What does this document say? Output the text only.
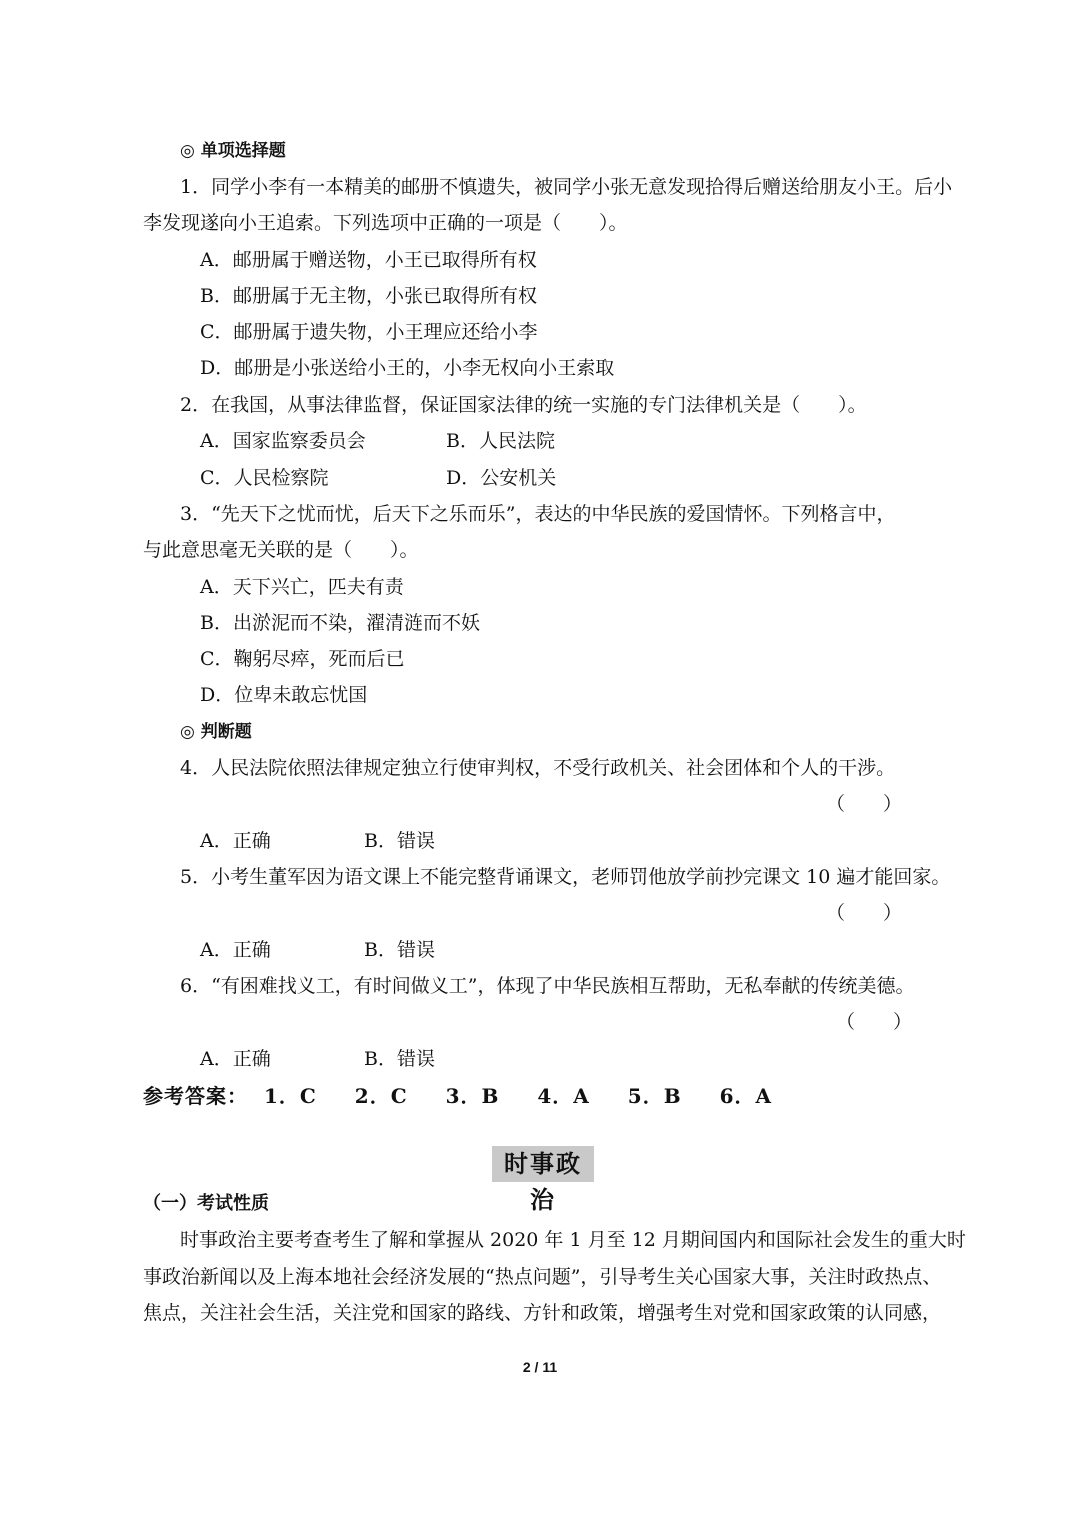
◎ 单项选择题
1．同学小李有一本精美的邮册不慎遗失，被同学小张无意发现拾得后赠送给朋友小王。后小
李发现遂向小王追索。下列选项中正确的一项是（　　）。
A．邮册属于赠送物，小王已取得所有权
B．邮册属于无主物，小张已取得所有权
C．邮册属于遗失物，小王理应还给小李
D．邮册是小张送给小王的，小李无权向小王索取
2．在我国，从事法律监督，保证国家法律的统一实施的专门法律机关是（　　）。
A．国家监察委员会	B．人民法院
C．人民检察院	D．公安机关
3．“先天下之忧而忧，后天下之乐而乐”，表达的中华民族的爱国情怀。下列格言中，
与此意思毫无关联的是（　　）。
A．天下兴亡，匹夫有责
B．出淤泥而不染，濯清涟而不妖
C．鞠躬尽瘁，死而后已
D．位卑未敢忘忧国
◎ 判断题
4．人民法院依照法律规定独立行使审判权，不受行政机关、社会团体和个人的干涉。
（　　）
A．正确	B．错误
5．小考生董军因为语文课上不能完整背诵课文，老师罚他放学前抄完课文 10 遍才能回家。
（　　）
A．正确	B．错误
6．“有困难找义工，有时间做义工”，体现了中华民族相互帮助，无私奉献的传统美德。
（　　）
A．正确	B．错误
参考答案： 1．C 2．C 3．B 4．A 5．B 6．A
时事政治
（一）考试性质
时事政治主要考查考生了解和掌握从 2020 年 1 月至 12 月期间国内和国际社会发生的重大时
事政治新闻以及上海本地社会经济发展的“热点问题”，引导考生关心国家大事，关注时政热点、
焦点，关注社会生活，关注党和国家的路线、方针和政策，增强考生对党和国家政策的认同感，
2 / 11
